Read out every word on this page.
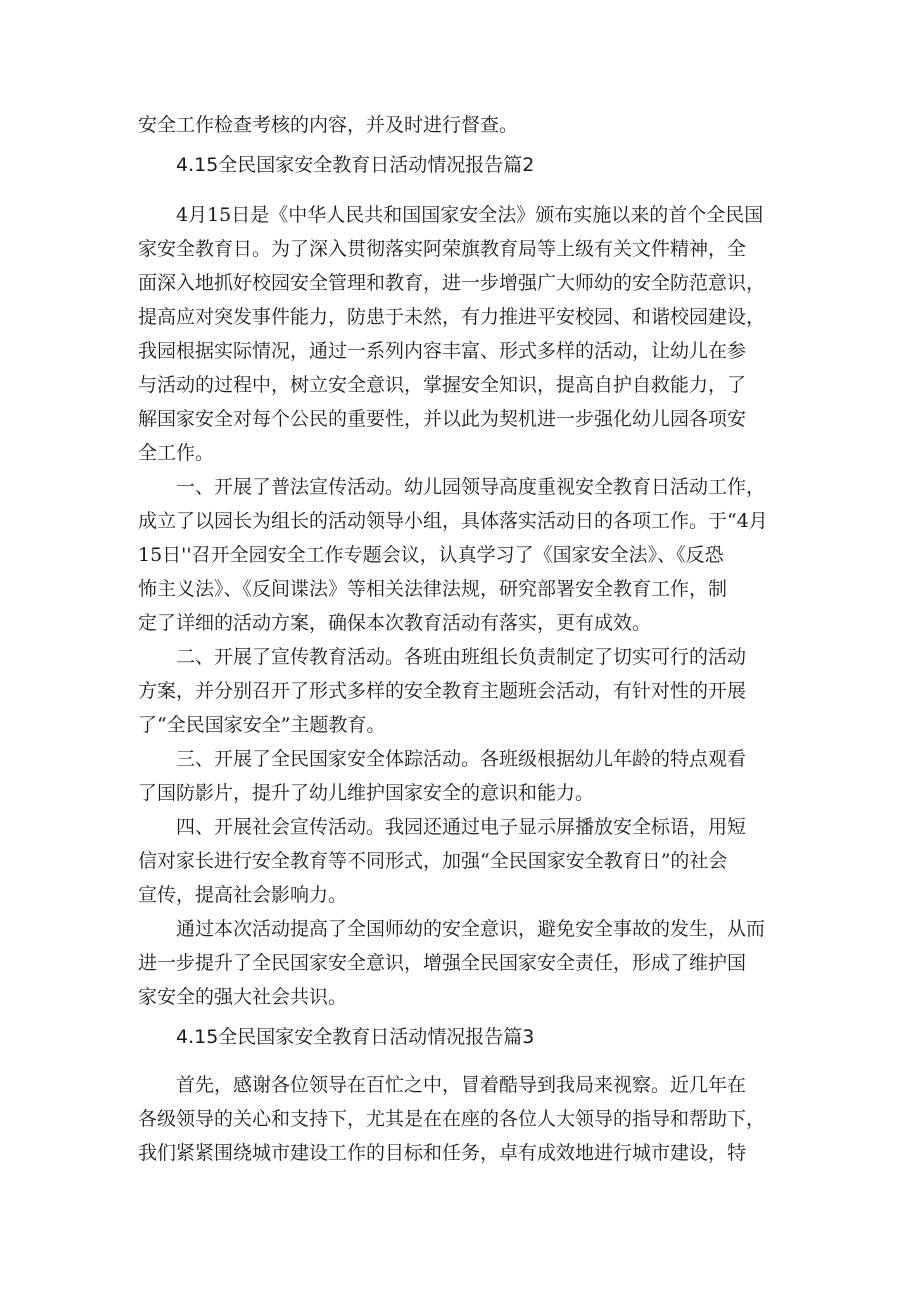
安全工作检查考核的内容，并及时进行督查。
4.15全民国家安全教育日活动情况报告篇2
4月15日是《中华人民共和国国家安全法》颁布实施以来的首个全民国
家安全教育日。为了深入贯彻落实阿荣旗教育局等上级有关文件精神，全
面深入地抓好校园安全管理和教育，进一步增强广大师幼的安全防范意识，
提高应对突发事件能力，防患于未然，有力推进平安校园、和谐校园建设，
我园根据实际情况，通过一系列内容丰富、形式多样的活动，让幼儿在参
与活动的过程中，树立安全意识，掌握安全知识，提高自护自救能力，了
解国家安全对每个公民的重要性，并以此为契机进一步强化幼儿园各项安
全工作。
一、开展了普法宣传活动。幼儿园领导高度重视安全教育日活动工作，
成立了以园长为组长的活动领导小组，具体落实活动日的各项工作。于“4月
15日''召开全园安全工作专题会议，认真学习了《国家安全法》、《反恐
怖主义法》、《反间谍法》等相关法律法规，研究部署安全教育工作，制
定了详细的活动方案，确保本次教育活动有落实，更有成效。
二、开展了宣传教育活动。各班由班组长负责制定了切实可行的活动
方案，并分别召开了形式多样的安全教育主题班会活动，有针对性的开展
了“全民国家安全”主题教育。
三、开展了全民国家安全体踪活动。各班级根据幼儿年龄的特点观看
了国防影片，提升了幼儿维护国家安全的意识和能力。
四、开展社会宣传活动。我园还通过电子显示屏播放安全标语，用短
信对家长进行安全教育等不同形式，加强“全民国家安全教育日”的社会
宣传，提高社会影响力。
通过本次活动提高了全国师幼的安全意识，避免安全事故的发生，从而
进一步提升了全民国家安全意识，增强全民国家安全责任，形成了维护国
家安全的强大社会共识。
4.15全民国家安全教育日活动情况报告篇3
首先，感谢各位领导在百忙之中，冒着酷导到我局来视察。近几年在
各级领导的关心和支持下，尤其是在在座的各位人大领导的指导和帮助下，
我们紧紧围绕城市建设工作的目标和任务，卓有成效地进行城市建设，特
